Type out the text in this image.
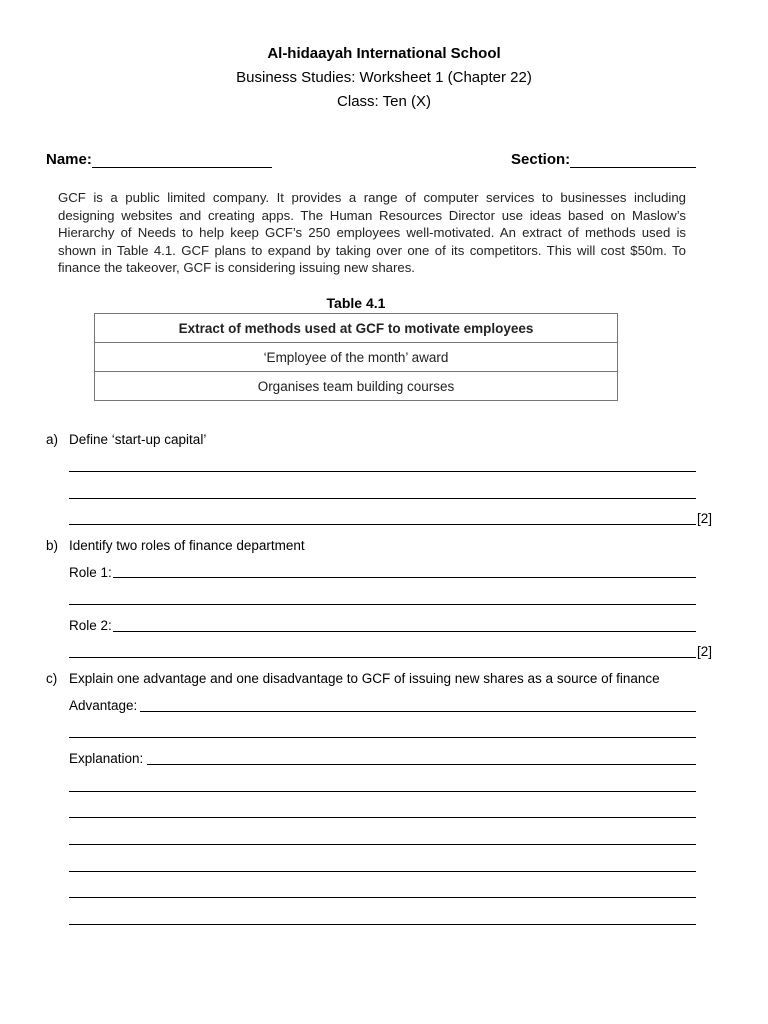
Al-hidaayah International School
Business Studies: Worksheet 1 (Chapter 22)
Class: Ten (X)
Name:	Section:
GCF is a public limited company. It provides a range of computer services to businesses including designing websites and creating apps. The Human Resources Director use ideas based on Maslow’s Hierarchy of Needs to help keep GCF’s 250 employees well-motivated. An extract of methods used is shown in Table 4.1. GCF plans to expand by taking over one of its competitors. This will cost $50m. To finance the takeover, GCF is considering issuing new shares.
Table 4.1
Extract of methods used at GCF to motivate employees
‘Employee of the month’ award
Organises team building courses
a) Define ‘start-up capital’
[2]
b) Identify two roles of finance department
Role 1:
Role 2:
[2]
c) Explain one advantage and one disadvantage to GCF of issuing new shares as a source of finance
Advantage:
Explanation:
